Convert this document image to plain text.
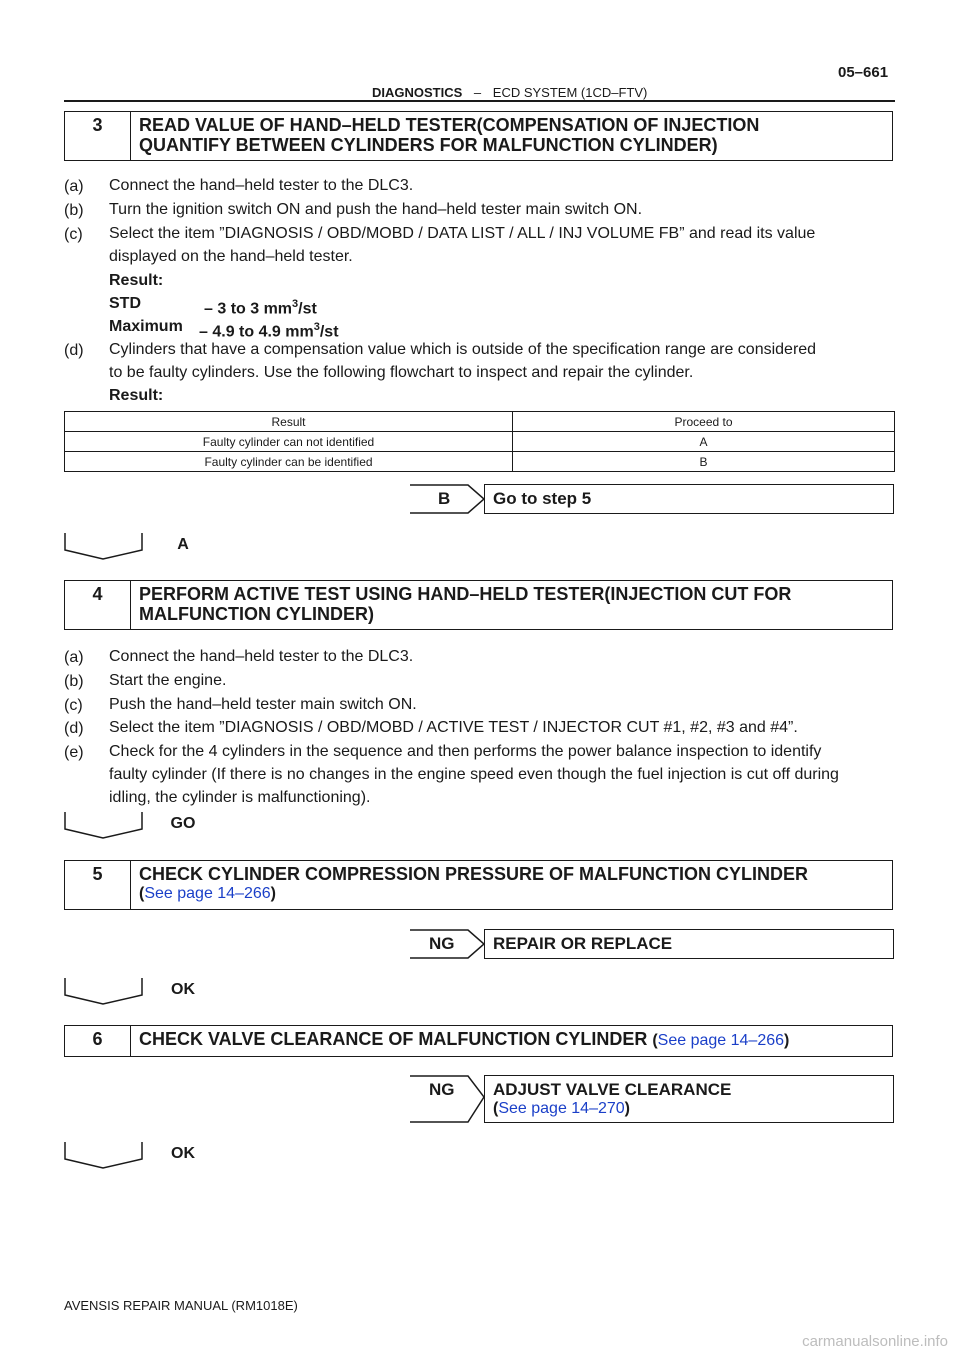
05–661
DIAGNOSTICS – ECD SYSTEM (1CD–FTV)
3	READ VALUE OF HAND–HELD TESTER(COMPENSATION OF INJECTION
QUANTIFY BETWEEN CYLINDERS FOR MALFUNCTION CYLINDER)
(a) Connect the hand–held tester to the DLC3.
(b) Turn the ignition switch ON and push the hand–held tester main switch ON.
(c) Select the item ”DIAGNOSIS / OBD/MOBD / DATA LIST / ALL / INJ VOLUME FB” and read its value
displayed on the hand–held tester.
Result:
STD	– 3 to 3 $mm^3/st$
Maximum – 4.9 to 4.9 $mm^3/st$
(d) Cylinders that have a compensation value which is outside of the specification range are considered
to be faulty cylinders. Use the following flowchart to inspect and repair the cylinder.
Result:
Result	Proceed to
Faulty cylinder can not identified	A
Faulty cylinder can be identified	B
B	Go to step 5
A
4	PERFORM ACTIVE TEST USING HAND–HELD TESTER(INJECTION CUT FOR
MALFUNCTION CYLINDER)
(a) Connect the hand–held tester to the DLC3.
(b) Start the engine.
(c) Push the hand–held tester main switch ON.
(d) Select the item ”DIAGNOSIS / OBD/MOBD / ACTIVE TEST / INJECTOR CUT #1, #2, #3 and #4”.
(e) Check for the 4 cylinders in the sequence and then performs the power balance inspection to identify
faulty cylinder (If there is no changes in the engine speed even though the fuel injection is cut off during
idling, the cylinder is malfunctioning).
GO
5	CHECK CYLINDER COMPRESSION PRESSURE OF MALFUNCTION CYLINDER
(See page 14–266)
NG	REPAIR OR REPLACE
OK
6	CHECK VALVE CLEARANCE OF MALFUNCTION CYLINDER (See page 14–266)
NG ADJUST VALVE CLEARANCE
(See page 14–270)
OK
AVENSIS REPAIR MANUAL (RM1018E)
carmanualsonline.info
